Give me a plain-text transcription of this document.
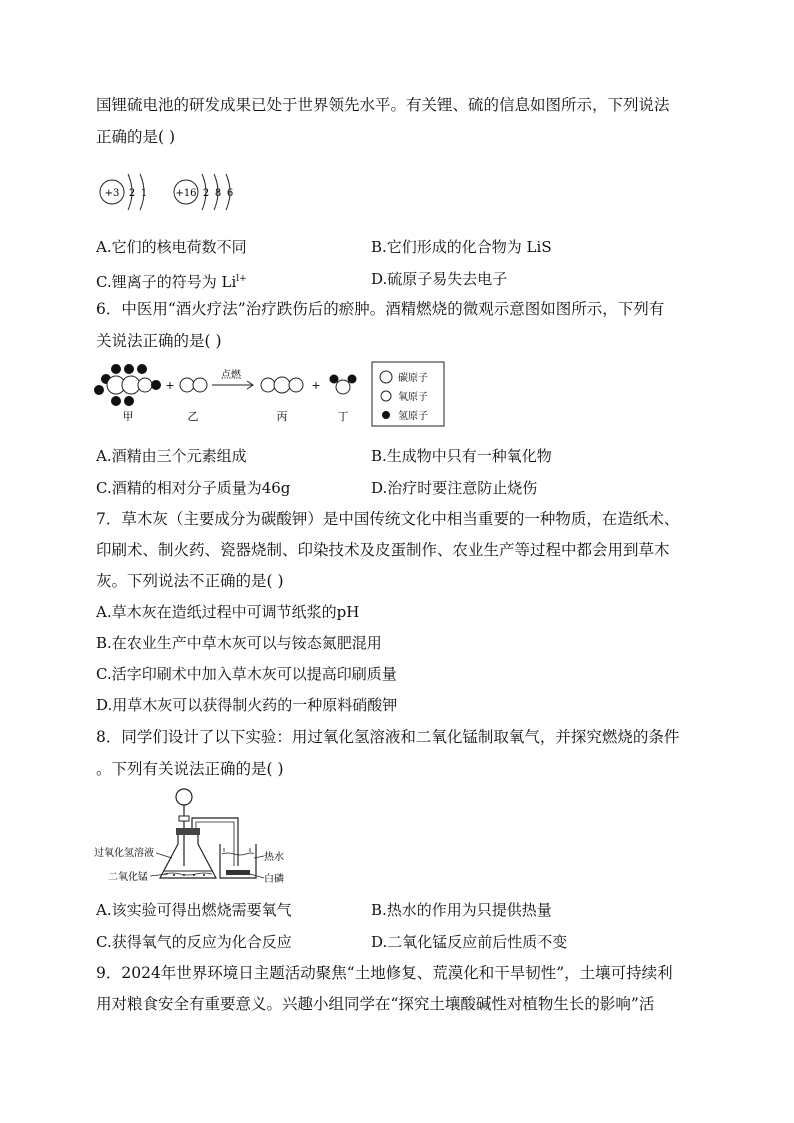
国锂硫电池的研发成果已处于世界领先水平。有关锂、硫的信息如图所示，下列说法
正确的是( )
+3 2 1	+16 2 8 6
A.它们的核电荷数不同	B.它们形成的化合物为 LiS
C.锂离子的符号为 $Li^{l+}$	D.硫原子易失去电子
6．中医用“酒火疗法”治疗跌伤后的瘀肿。酒精燃烧的微观示意图如图所示，下列有
关说法正确的是( )
甲
+
乙
点燃
丙
+
丁
碳原子
氧原子
氢原子
A.酒精由三个元素组成	B.生成物中只有一种氧化物
C.酒精的相对分子质量为46g	D.治疗时要注意防止烧伤
7．草木灰（主要成分为碳酸钾）是中国传统文化中相当重要的一种物质，在造纸术、
印刷术、制火药、瓷器烧制、印染技术及皮蛋制作、农业生产等过程中都会用到草木
灰。下列说法不正确的是( )
A.草木灰在造纸过程中可调节纸浆的pH
B.在农业生产中草木灰可以与铵态氮肥混用
C.活字印刷术中加入草木灰可以提高印刷质量
D.用草木灰可以获得制火药的一种原料硝酸钾
8．同学们设计了以下实验：用过氧化氢溶液和二氧化锰制取氧气，并探究燃烧的条件
。下列有关说法正确的是( )
过氧化氢溶液
二氧化锰
热水
白磷
A.该实验可得出燃烧需要氧气	B.热水的作用为只提供热量
C.获得氧气的反应为化合反应	D.二氧化锰反应前后性质不变
9．2024年世界环境日主题活动聚焦“土地修复、荒漠化和干旱韧性”，土壤可持续利
用对粮食安全有重要意义。兴趣小组同学在“探究土壤酸碱性对植物生长的影响”活
